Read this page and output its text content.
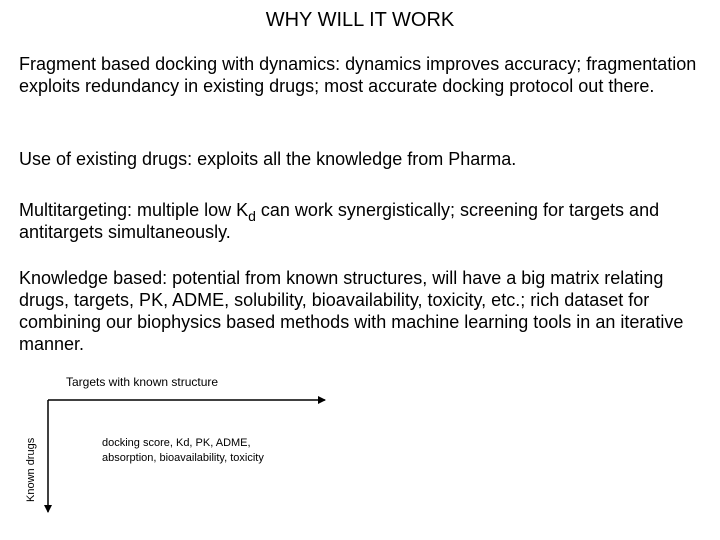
WHY WILL IT WORK
Fragment based docking with dynamics: dynamics improves accuracy; fragmentation exploits redundancy in existing drugs; most accurate docking protocol out there.
Use of existing drugs: exploits all the knowledge from Pharma.
Multitargeting: multiple low $K_d$ can work synergistically; screening for targets and antitargets simultaneously.
Knowledge based: potential from known structures, will have a big matrix relating drugs, targets, PK, ADME, solubility, bioavailability, toxicity, etc.; rich dataset for combining our biophysics based methods with machine learning tools in an iterative manner.
Targets with known structure
Known drugs	docking score, Kd, PK, ADME,
absorption, bioavailability, toxicity
